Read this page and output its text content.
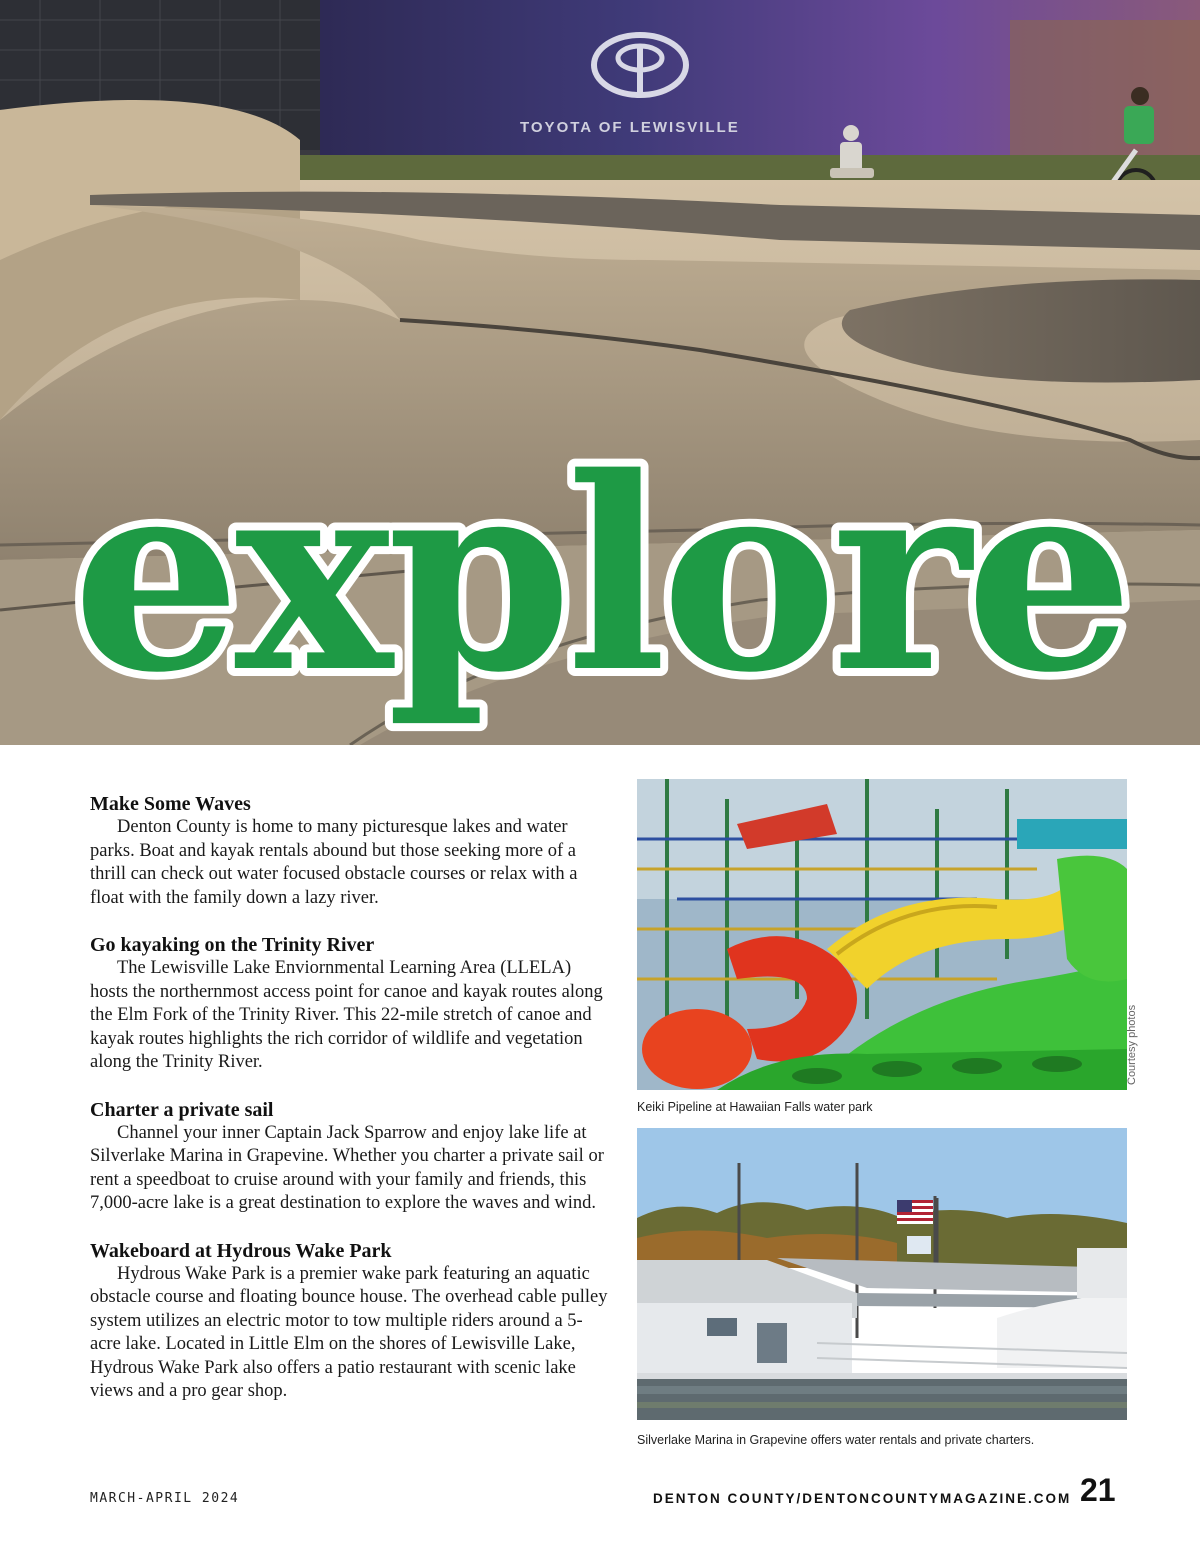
TOYOTA OF LEWISVILLE
explore
Make Some Waves

Denton County is home to many picturesque lakes and water parks. Boat and kayak rentals abound but those seeking more of a thrill can check out water focused obstacle courses or relax with a float with the family down a lazy river.

Go kayaking on the Trinity River

The Lewisville Lake Enviornmental Learning Area (LLELA) hosts the northernmost access point for canoe and kayak routes along the Elm Fork of the Trinity River. This 22-mile stretch of canoe and kayak routes highlights the rich corridor of wildlife and vegetation along the Trinity River.

Charter a private sail

Channel your inner Captain Jack Sparrow and enjoy lake life at Silverlake Marina in Grapevine. Whether you charter a private sail or rent a speedboat to cruise around with your family and friends, this 7,000-acre lake is a great destination to explore the waves and wind.

Wakeboard at Hydrous Wake Park

Hydrous Wake Park is a premier wake park featuring an aquatic obstacle course and floating bounce house. The overhead cable pulley system utilizes an electric motor to tow multiple riders around a 5-acre lake. Located in Little Elm on the shores of Lewisville Lake, Hydrous Wake Park also offers a patio restaurant with scenic lake views and a pro gear shop.

Keiki Pipeline at Hawaiian Falls water park
Courtesy photos
Silverlake Marina in Grapevine offers water rentals and private charters.
MARCH-APRIL 2024	DENTON COUNTY/DENTONCOUNTYMAGAZINE.COM 21
